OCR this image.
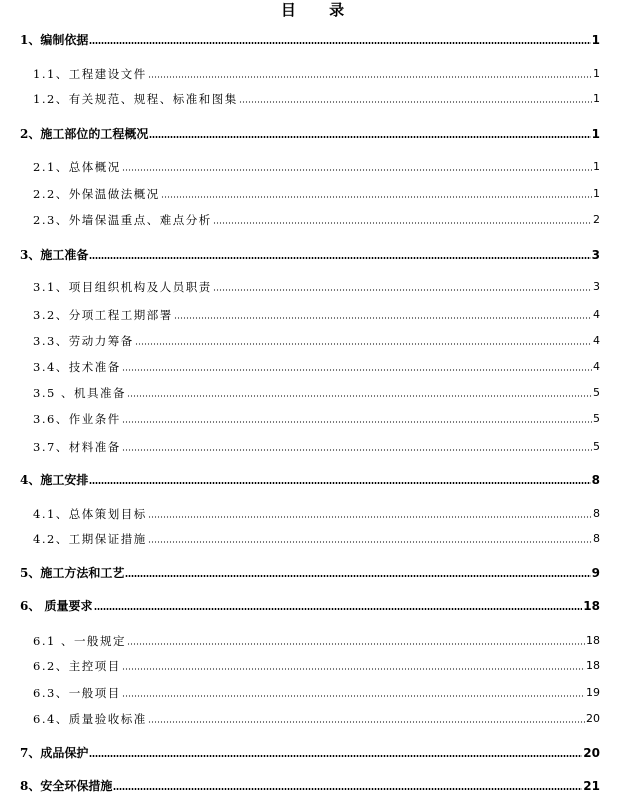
目 录
1、编制依据	1
1.1、工程建设文件	1
1.2、有关规范、规程、标准和图集	1
2、施工部位的工程概况	1
2.1、总体概况	1
2.2、外保温做法概况	1
2.3、外墙保温重点、难点分析	2
3、施工准备	3
3.1、项目组织机构及人员职责	3
3.2、分项工程工期部署	4
3.3、劳动力筹备	4
3.4、技术准备	4
3.5 、机具准备	5
3.6、作业条件	5
3.7、材料准备	5
4、施工安排	8
4.1、总体策划目标	8
4.2、工期保证措施	8
5、施工方法和工艺	9
6、 质量要求	18
6.1 、一般规定	18
6.2、主控项目	18
6.3、一般项目	19
6.4、质量验收标准	20
7、成品保护	20
8、安全环保措施	21
